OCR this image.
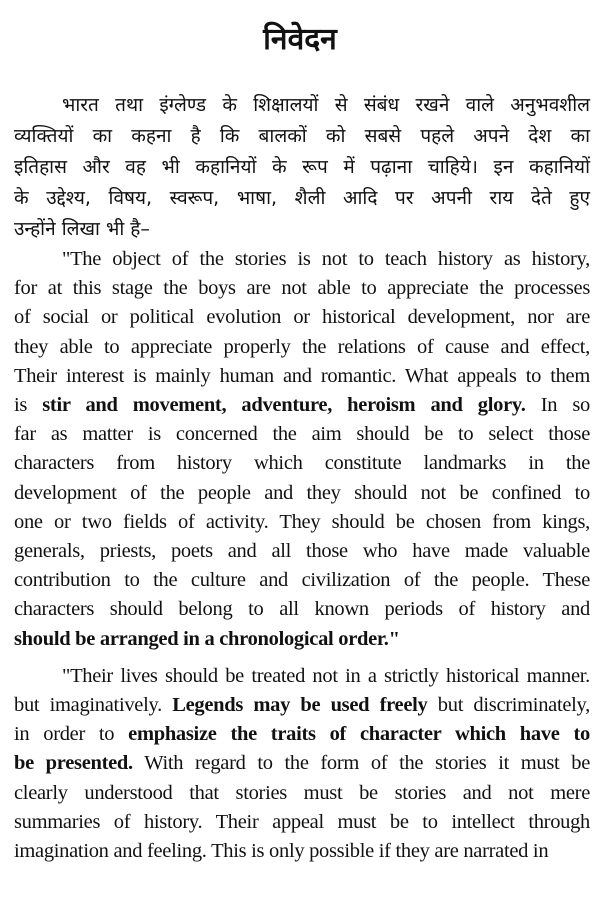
निवेदन
भारत तथा इंग्लेण्ड के शिक्षालयों से संबंध रखने वाले अनुभवशील
व्यक्तियों का कहना है कि बालकों को सबसे पहले अपने देश का
इतिहास और वह भी कहानियों के रूप में पढ़ाना चाहिये। इन कहानियों
के उद्देश्य, विषय, स्वरूप, भाषा, शैली आदि पर अपनी राय देते हुए
उन्होंने लिखा भी है–
"The object of the stories is not to teach history as history,
for at this stage the boys are not able to appreciate the processes
of social or political evolution or historical development, nor are
they able to appreciate properly the relations of cause and effect,
Their interest is mainly human and romantic. What appeals to them
is stir and movement, adventure, heroism and glory. In so
far as matter is concerned the aim should be to select those
characters from history which constitute landmarks in the
development of the people and they should not be confined to
one or two fields of activity. They should be chosen from kings,
generals, priests, poets and all those who have made valuable
contribution to the culture and civilization of the people. These
characters should belong to all known periods of history and
should be arranged in a chronological order."
"Their lives should be treated not in a strictly historical manner.
but imaginatively. Legends may be used freely but discriminately,
in order to emphasize the traits of character which have to
be presented. With regard to the form of the stories it must be
clearly understood that stories must be stories and not mere
summaries of history. Their appeal must be to intellect through
imagination and feeling. This is only possible if they are narrated in
